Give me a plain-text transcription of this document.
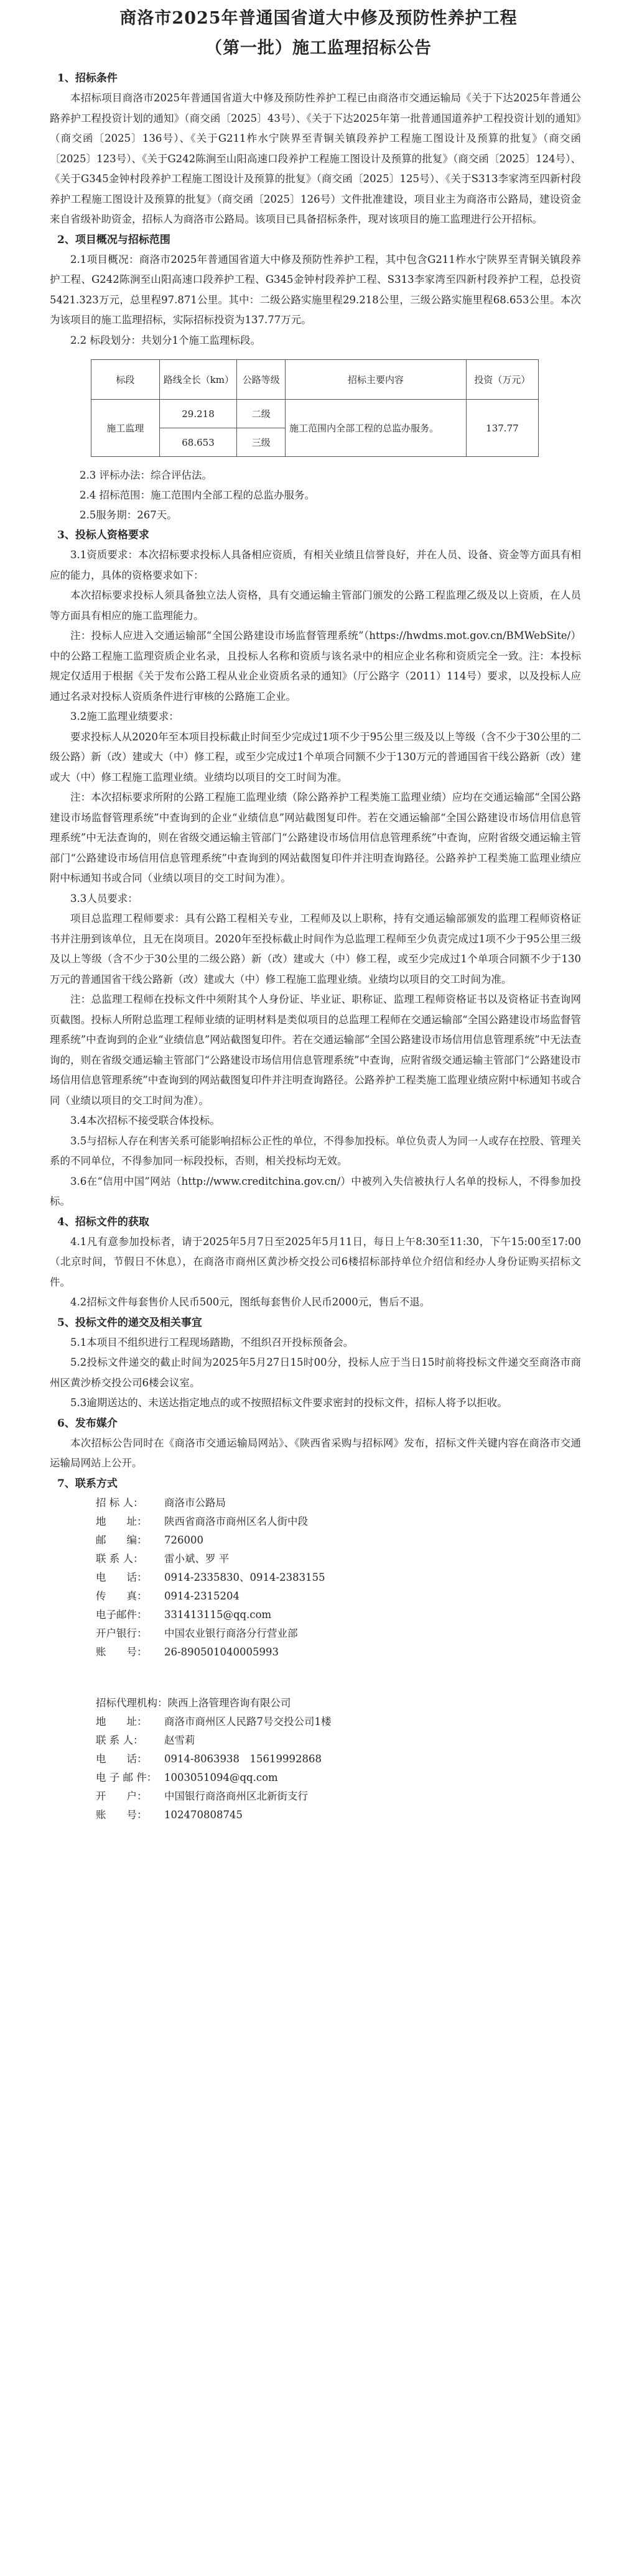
商洛市2025年普通国省道大中修及预防性养护工程

（第一批）施工监理招标公告

1、招标条件

本招标项目商洛市2025年普通国省道大中修及预防性养护工程已由商洛市交通运输局《关于下达2025年普通公路养护工程投资计划的通知》（商交函〔2025〕43号）、《关于下达2025年第一批普通国道养护工程投资计划的通知》（商交函〔2025〕136号）、《关于G211柞水宁陕界至青铜关镇段养护工程施工图设计及预算的批复》（商交函〔2025〕123号）、《关于G242陈涧至山阳高速口段养护工程施工图设计及预算的批复》（商交函〔2025〕124号）、《关于G345金钟村段养护工程施工图设计及预算的批复》（商交函〔2025〕125号）、《关于S313李家湾至四新村段养护工程施工图设计及预算的批复》（商交函〔2025〕126号）文件批准建设，项目业主为商洛市公路局，建设资金来自省级补助资金，招标人为商洛市公路局。该项目已具备招标条件，现对该项目的施工监理进行公开招标。

2、项目概况与招标范围

2.1项目概况：商洛市2025年普通国省道大中修及预防性养护工程，其中包含G211柞水宁陕界至青铜关镇段养护工程、G242陈涧至山阳高速口段养护工程、G345金钟村段养护工程、S313李家湾至四新村段养护工程，总投资5421.323万元，总里程97.871公里。其中：二级公路实施里程29.218公里，三级公路实施里程68.653公里。本次为该项目的施工监理招标，实际招标投资为137.77万元。

2.2 标段划分：共划分1个施工监理标段。

标段	路线全长（km）	公路等级	招标主要内容	投资（万元）
施工监理	29.218	二级	施工范围内全部工程的总监办服务。	137.77
	68.653	三级		

2.3 评标办法：综合评估法。

2.4 招标范围：施工范围内全部工程的总监办服务。

2.5服务期：267天。

3、投标人资格要求

3.1资质要求：本次招标要求投标人具备相应资质，有相关业绩且信誉良好，并在人员、设备、资金等方面具有相应的能力，具体的资格要求如下：

本次招标要求投标人须具备独立法人资格，具有交通运输主管部门颁发的公路工程监理乙级及以上资质，在人员等方面具有相应的施工监理能力。

注：投标人应进入交通运输部“全国公路建设市场监督管理系统”（https://hwdms.mot.gov.cn/BMWebSite/）中的公路工程施工监理资质企业名录，且投标人名称和资质与该名录中的相应企业名称和资质完全一致。注：本投标规定仅适用于根据《关于发布公路工程从业企业资质名录的通知》（厅公路字（2011）114号）要求，以及投标人应通过名录对投标人资质条件进行审核的公路施工企业。

3.2施工监理业绩要求：

要求投标人从2020年至本项目投标截止时间至少完成过1项不少于95公里三级及以上等级（含不少于30公里的二级公路）新（改）建或大（中）修工程，或至少完成过1个单项合同额不少于130万元的普通国省干线公路新（改）建或大（中）修工程施工监理业绩。业绩均以项目的交工时间为准。

注：本次招标要求所附的公路工程施工监理业绩（除公路养护工程类施工监理业绩）应均在交通运输部“全国公路建设市场监督管理系统”中查询到的企业“业绩信息”网站截图复印件。若在交通运输部“全国公路建设市场信用信息管理系统”中无法查询的，则在省级交通运输主管部门“公路建设市场信用信息管理系统”中查询，应附省级交通运输主管部门“公路建设市场信用信息管理系统”中查询到的网站截图复印件并注明查询路径。公路养护工程类施工监理业绩应附中标通知书或合同（业绩以项目的交工时间为准）。

3.3人员要求：

项目总监理工程师要求：具有公路工程相关专业，工程师及以上职称，持有交通运输部颁发的监理工程师资格证书并注册到该单位，且无在岗项目。2020年至投标截止时间作为总监理工程师至少负责完成过1项不少于95公里三级及以上等级（含不少于30公里的二级公路）新（改）建或大（中）修工程，或至少完成过1个单项合同额不少于130万元的普通国省干线公路新（改）建或大（中）修工程施工监理业绩。业绩均以项目的交工时间为准。

注：总监理工程师在投标文件中须附其个人身份证、毕业证、职称证、监理工程师资格证书以及资格证书查询网页截图。投标人所附总监理工程师业绩的证明材料是类似项目的总监理工程师在交通运输部“全国公路建设市场监督管理系统”中查询到的企业“业绩信息”网站截图复印件。若在交通运输部“全国公路建设市场信用信息管理系统”中无法查询的，则在省级交通运输主管部门“公路建设市场信用信息管理系统”中查询，应附省级交通运输主管部门“公路建设市场信用信息管理系统”中查询到的网站截图复印件并注明查询路径。公路养护工程类施工监理业绩应附中标通知书或合同（业绩以项目的交工时间为准）。

3.4本次招标不接受联合体投标。

3.5与招标人存在利害关系可能影响招标公正性的单位，不得参加投标。单位负责人为同一人或存在控股、管理关系的不同单位，不得参加同一标段投标，否则，相关投标均无效。

3.6在“信用中国”网站（http://www.creditchina.gov.cn/）中被列入失信被执行人名单的投标人，不得参加投标。

4、招标文件的获取

4.1凡有意参加投标者，请于2025年5月7日至2025年5月11日，每日上午8:30至11:30，下午15:00至17:00（北京时间，节假日不休息），在商洛市商州区黄沙桥交投公司6楼招标部持单位介绍信和经办人身份证购买招标文件。

4.2招标文件每套售价人民币500元，图纸每套售价人民币2000元，售后不退。

5、投标文件的递交及相关事宜

5.1本项目不组织进行工程现场踏勘，不组织召开投标预备会。

5.2投标文件递交的截止时间为2025年5月27日15时00分，投标人应于当日15时前将投标文件递交至商洛市商州区黄沙桥交投公司6楼会议室。

5.3逾期送达的、未送达指定地点的或不按照招标文件要求密封的投标文件，招标人将予以拒收。

6、发布媒介

本次招标公告同时在《商洛市交通运输局网站》、《陕西省采购与招标网》发布，招标文件关键内容在商洛市交通运输局网站上公开。

7、联系方式

招 标 人：	商洛市公路局
地　　址：	陕西省商洛市商州区名人街中段
邮　　编：	726000
联 系 人：	雷小斌、罗 平
电　　话：	0914-2335830、0914-2383155
传　　真：	0914-2315204
电子邮件：	331413115@qq.com
开户银行：	中国农业银行商洛分行营业部
账　　号：	26-890501040005993
招标代理机构：陕西上洛管理咨询有限公司
地　　址：	商洛市商州区人民路7号交投公司1楼
联 系 人：	赵雪莉
电　　话：	0914-8063938　15619992868
电 子 邮 件： 1003051094@qq.com
开　　户：	中国银行商洛商州区北新街支行
账　　号：	102470808745
